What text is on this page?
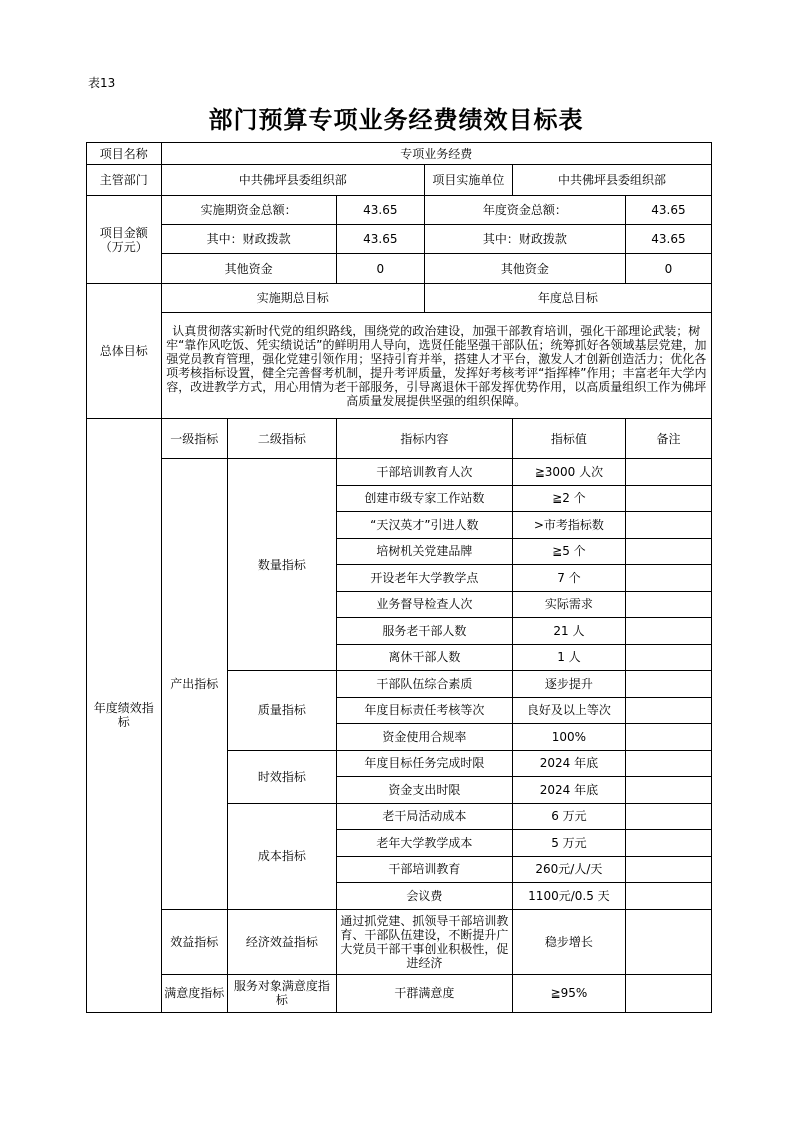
表13
部门预算专项业务经费绩效目标表
项目名称	专项业务经费					
主管部门	中共佛坪县委组织部			项目实施单位	中共佛坪县委组织部	
项目金额（万元）	实施期资金总额：		43.65	年度资金总额：		43.65
	其中：财政拨款		43.65	其中：财政拨款		43.65
	其他资金		0	其他资金		0
总体目标	实施期总目标			年度总目标		
	认真贯彻落实新时代党的组织路线，围绕党的政治建设，加强干部教育培训，强化干部理论武装；树牢“靠作风吃饭、凭实绩说话”的鲜明用人导向，选贤任能坚强干部队伍；统筹抓好各领域基层党建，加强党员教育管理，强化党建引领作用；坚持引育并举，搭建人才平台，激发人才创新创造活力；优化各项考核指标设置，健全完善督考机制，提升考评质量，发挥好考核考评“指挥棒”作用；丰富老年大学内容，改进教学方式，用心用情为老干部服务，引导离退休干部发挥优势作用，以高质量组织工作为佛坪高质量发展提供坚强的组织保障。					
年度绩效指标	一级指标	二级指标	指标内容		指标值	备注
	产出指标	数量指标	干部培训教育人次		≧3000 人次	
			创建市级专家工作站数		≧2 个	
			“天汉英才”引进人数		>市考指标数	
			培树机关党建品牌		≧5 个	
			开设老年大学教学点		7 个	
			业务督导检查人次		实际需求	
			服务老干部人数		21 人	
			离休干部人数		1 人	
		质量指标	干部队伍综合素质		逐步提升	
			年度目标责任考核等次		良好及以上等次	
			资金使用合规率		100%	
		时效指标	年度目标任务完成时限		2024 年底	
			资金支出时限		2024 年底	
		成本指标	老干局活动成本		6 万元	
			老年大学教学成本		5 万元	
			干部培训教育		260元/人/天	
			会议费		1100元/0.5 天	
	效益指标	经济效益指标	通过抓党建、抓领导干部培训教育、干部队伍建设，不断提升广大党员干部干事创业积极性，促进经济		稳步增长	
	满意度指标	服务对象满意度指标	干群满意度		≧95%	
